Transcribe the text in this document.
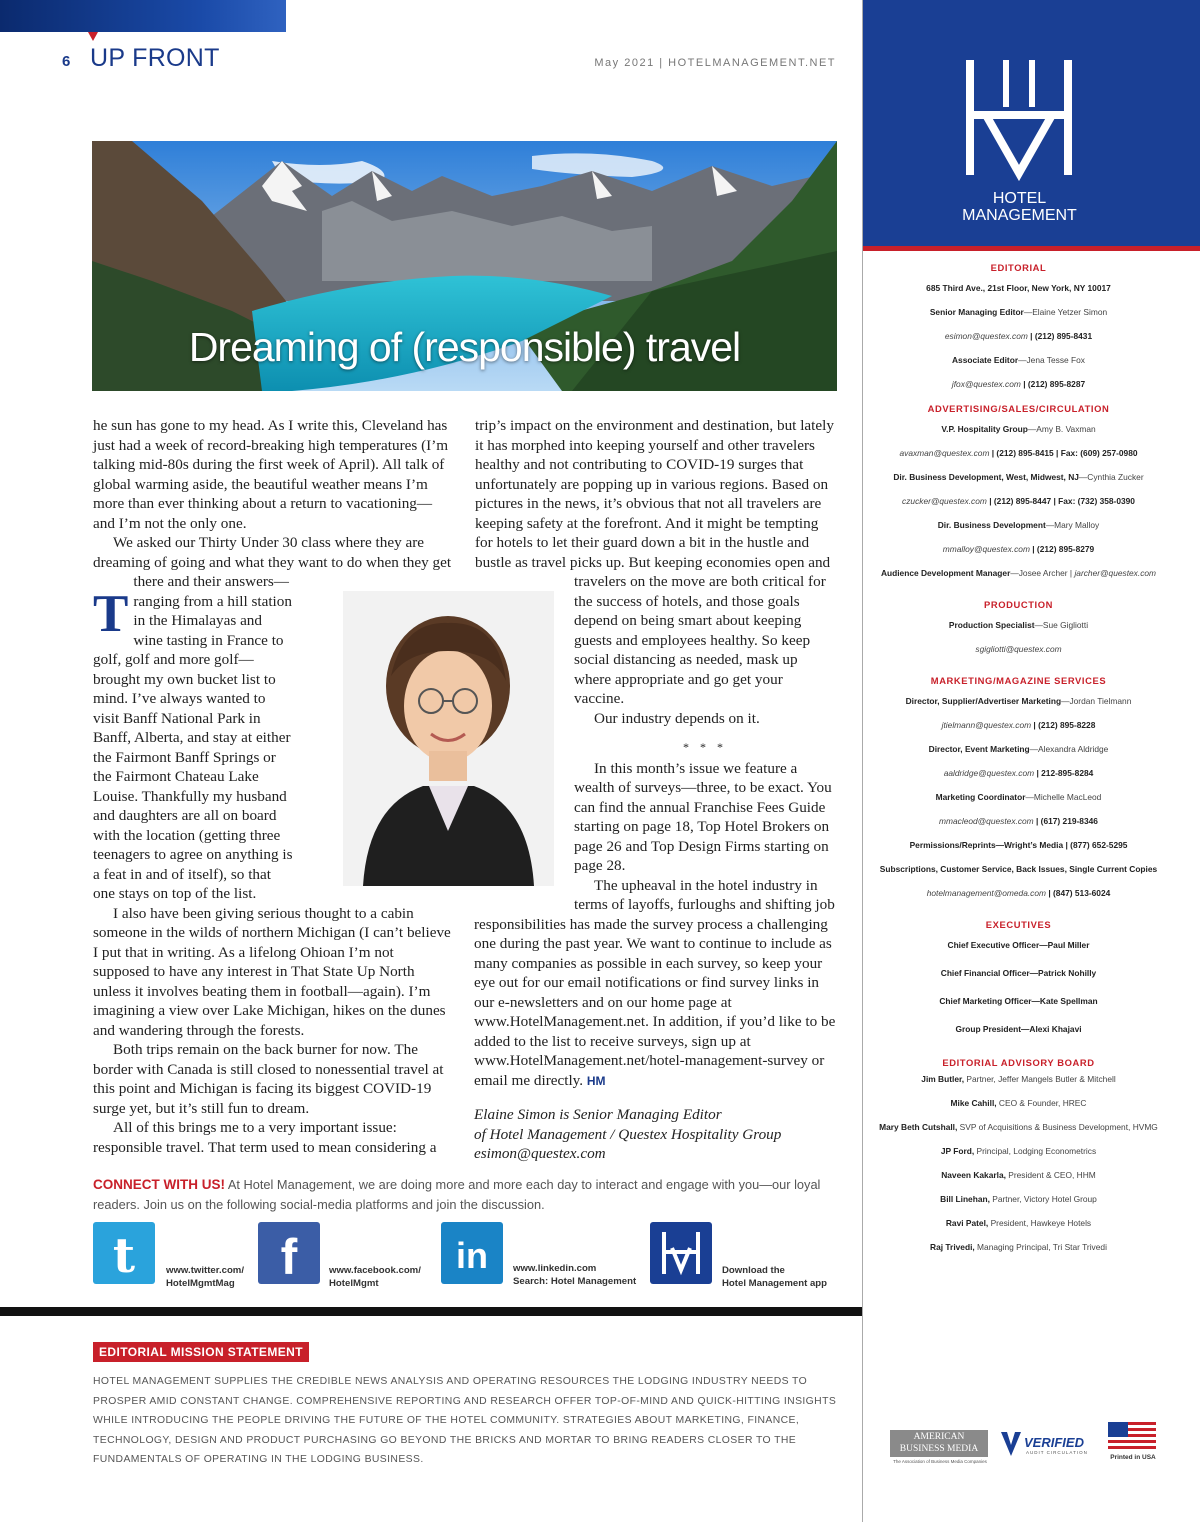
6 UP FRONT	May 2021 | HOTELMANAGEMENT.NET
Dreaming of (responsible) travel

T
he sun has gone to my head. As I write this, Cleveland has just had a week of record-breaking high temperatures (I’m talking mid-80s during the first week of April). All talk of global warming aside, the beautiful weather means I’m more than ever thinking about a return to vacationing—and I’m not the only one.

We asked our Thirty Under 30 class where they are dreaming of going and what they want to do when they get there and their answers—ranging from a hill station in the Himalayas and wine tasting in France to golf, golf and more golf—brought my own bucket list to mind. I’ve always wanted to visit Banff National Park in Banff, Alberta, and stay at either the Fairmont Banff Springs or the Fairmont Chateau Lake Louise. Thankfully my husband and daughters are all on board with the location (getting three teenagers to agree on anything is a feat in and of itself), so that one stays on top of the list.

I also have been giving serious thought to a cabin someone in the wilds of northern Michigan (I can’t believe I put that in writing. As a lifelong Ohioan I’m not supposed to have any interest in That State Up North unless it involves beating them in football—again). I’m imagining a view over Lake Michigan, hikes on the dunes and wandering through the forests.

Both trips remain on the back burner for now. The border with Canada is still closed to nonessential travel at this point and Michigan is facing its biggest COVID-19 surge yet, but it’s still fun to dream.

All of this brings me to a very important issue: responsible travel. That term used to mean considering a

trip’s impact on the environment and destination, but lately it has morphed into keeping yourself and other travelers healthy and not contributing to COVID-19 surges that unfortunately are popping up in various regions. Based on pictures in the news, it’s obvious that not all travelers are keeping safety at the forefront. And it might be tempting for hotels to let their guard down a bit in the hustle and bustle as travel picks up. But keeping economies open and travelers on the move are both critical for the success of hotels, and those goals depend on being smart about keeping guests and employees healthy. So keep social distancing as needed, mask up where appropriate and go get your vaccine.

Our industry depends on it.

* * *

In this month’s issue we feature a wealth of surveys—three, to be exact. You can find the annual Franchise Fees Guide starting on page 18, Top Hotel Brokers on page 26 and Top Design Firms starting on page 28.

The upheaval in the hotel industry in terms of layoffs, furloughs and shifting job responsibilities has made the survey process a challenging one during the past year. We want to continue to include as many companies as possible in each survey, so keep your eye out for our email notifications or find survey links in our e-newsletters and on our home page at www.HotelManagement.net. In addition, if you’d like to be added to the list to receive surveys, sign up at www.HotelManagement.net/hotel-management-survey or email me directly. HM

Elaine Simon is Senior Managing Editor
of Hotel Management / Questex Hospitality Group
esimon@questex.com

CONNECT WITH US! At Hotel Management, we are doing more and more each day to interact and engage with you—our loyal readers. Join us on the following social-media platforms and join the discussion.
t	www.twitter.com/
HotelMgmtMag f	www.facebook.com/
HotelMgmt
in	www.linkedin.com
Search: Hotel Management
Download the
Hotel Management app
EDITORIAL MISSION STATEMENT
HOTEL MANAGEMENT SUPPLIES THE CREDIBLE NEWS ANALYSIS AND OPERATING RESOURCES THE LODGING INDUSTRY NEEDS TO PROSPER AMID CONSTANT CHANGE. COMPREHENSIVE REPORTING AND RESEARCH OFFER TOP-OF-MIND AND QUICK-HITTING INSIGHTS WHILE INTRODUCING THE PEOPLE DRIVING THE FUTURE OF THE HOTEL COMMUNITY. STRATEGIES ABOUT MARKETING, FINANCE, TECHNOLOGY, DESIGN AND PRODUCT PURCHASING GO BEYOND THE BRICKS AND MORTAR TO BRING READERS CLOSER TO THE FUNDAMENTALS OF OPERATING IN THE LODGING BUSINESS.
HOTEL
MANAGEMENT
EDITORIAL
685 Third Ave., 21st Floor, New York, NY 10017
Senior Managing Editor—Elaine Yetzer Simon
esimon@questex.com | (212) 895-8431
Associate Editor—Jena Tesse Fox
jfox@questex.com | (212) 895-8287
ADVERTISING/SALES/CIRCULATION
V.P. Hospitality Group—Amy B. Vaxman
avaxman@questex.com | (212) 895-8415 | Fax: (609) 257-0980
Dir. Business Development, West, Midwest, NJ—Cynthia Zucker
czucker@questex.com | (212) 895-8447 | Fax: (732) 358-0390
Dir. Business Development—Mary Malloy
mmalloy@questex.com | (212) 895-8279
Audience Development Manager—Josee Archer | jarcher@questex.com
PRODUCTION
Production Specialist—Sue Gigliotti
sgigliotti@questex.com
MARKETING/MAGAZINE SERVICES
Director, Supplier/Advertiser Marketing—Jordan Tielmann
jtielmann@questex.com | (212) 895-8228
Director, Event Marketing—Alexandra Aldridge
aaldridge@questex.com | 212-895-8284
Marketing Coordinator—Michelle MacLeod
mmacleod@questex.com | (617) 219-8346
Permissions/Reprints—Wright’s Media | (877) 652-5295
Subscriptions, Customer Service, Back Issues, Single Current Copies
hotelmanagement@omeda.com | (847) 513-6024
EXECUTIVES
Chief Executive Officer—Paul Miller
Chief Financial Officer—Patrick Nohilly
Chief Marketing Officer—Kate Spellman
Group President—Alexi Khajavi
EDITORIAL ADVISORY BOARD
Jim Butler, Partner, Jeffer Mangels Butler & Mitchell
Mike Cahill, CEO & Founder, HREC
Mary Beth Cutshall, SVP of Acquisitions & Business Development, HVMG
JP Ford, Principal, Lodging Econometrics
Naveen Kakarla, President & CEO, HHM
Bill Linehan, Partner, Victory Hotel Group
Ravi Patel, President, Hawkeye Hotels
Raj Trivedi, Managing Principal, Tri Star Trivedi
AMERICAN
BUSINESS MEDIA
The Association of Business Media Companies
VERIFIED
AUDIT CIRCULATION
Printed in USA
